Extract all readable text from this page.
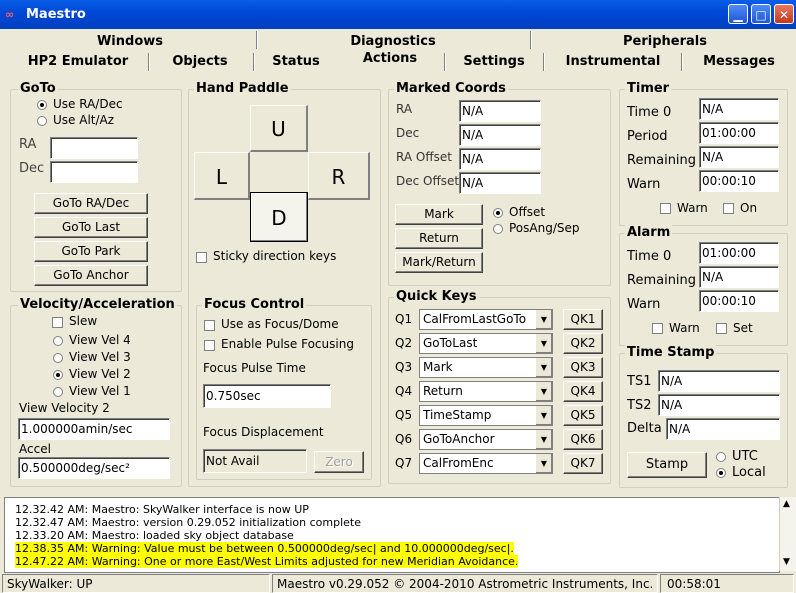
∞ Maestro	▁	□	✕
Windows	Diagnostics	Peripherals
HP2 Emulator	Objects	Status	Actions	Settings	Instrumental	Messages
GoTo
Use RA/Dec
Use Alt/Az
RA
Dec
GoTo RA/Dec
GoTo Last
GoTo Park
GoTo Anchor
Velocity/Acceleration
Slew
View Vel 4
View Vel 3
View Vel 2
View Vel 1
View Velocity 2
1.000000amin/sec
Accel
0.500000deg/sec²
Hand Paddle
U
L	R
D
Sticky direction keys
Focus Control
Use as Focus/Dome
Enable Pulse Focusing
Focus Pulse Time
0.750sec
Focus Displacement
Not Avail	Zero
Marked Coords
RA	N/A
Dec	N/A
RA Offset N/A
Dec Offset N/A
Mark
Return
Mark/Return
Offset
PosAng/Sep
Quick Keys
Q1 CalFromLastGoTo	▼	QK1
Q2 GoToLast	▼	QK2
Q3 Mark	▼	QK3
Q4 Return	▼	QK4
Q5 TimeStamp	▼	QK5
Q6 GoToAnchor	▼	QK6
Q7 CalFromEnc	▼	QK7
Timer
Time 0	N/A
Period	01:00:00
Remaining N/A
Warn	00:00:10
Warn	On
Alarm
Time 0	01:00:00
Remaining N/A
Warn	00:00:10
Warn	Set
Time Stamp
TS1 N/A
TS2 N/A
Delta N/A
Stamp
UTC
Local
12.32.42 AM: Maestro: SkyWalker interface is now UP
12.32.47 AM: Maestro: version 0.29.052 initialization complete
12.33.20 AM: Maestro: loaded sky object database
12.38.35 AM: Warning: Value must be between 0.500000deg/sec| and 10.000000deg/sec|.
12.47.22 AM: Warning: One or more East/West Limits adjusted for new Meridian Avoidance.
▲
▼
SkyWalker: UP	Maestro v0.29.052 © 2004-2010 Astrometric Instruments, Inc.	00:58:01
